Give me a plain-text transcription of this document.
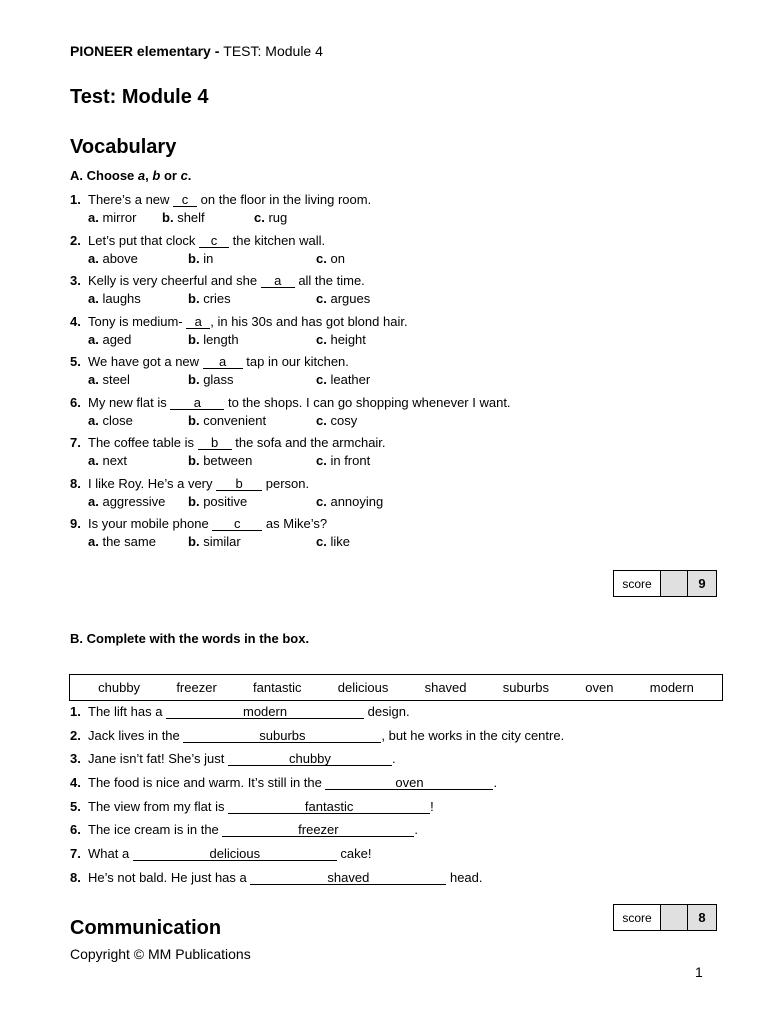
PIONEER elementary - TEST: Module 4
Test: Module 4
Vocabulary
A. Choose a, b or c.
1. There’s a new c on the floor in the living room.
a. mirror b. shelf	c. rug
2. Let’s put that clock c the kitchen wall.
a. above	b. in	c. on
3. Kelly is very cheerful and she a all the time.
a. laughs	b. cries	c. argues
4. Tony is medium- a , in his 30s and has got blond hair.
a. aged	b. length	c. height
5. We have got a new a tap in our kitchen.
a. steel	b. glass	c. leather
6. My new flat is a to the shops. I can go shopping whenever I want.
a. close	b. convenient	c. cosy
7. The coffee table is b the sofa and the armchair.
a. next	b. between	c. in front
8. I like Roy. He’s a very b person.
a. aggressive b. positive	c. annoying
9. Is your mobile phone c as Mike’s?
a. the same b. similar	c. like
score	9
B. Complete with the words in the box.
chubby	freezer	fantastic	delicious	shaved	suburbs	oven	modern
1. The lift has a	modern	design.
2. Jack lives in the	suburbs	, but he works in the city centre.
3. Jane isn’t fat! She’s just	chubby	.
4. The food is nice and warm. It’s still in the	oven	.
5. The view from my flat is	fantastic	!
6. The ice cream is in the	freezer	.
7. What a	delicious	cake!
8. He’s not bald. He just has a	shaved	head.
score	8
Communication
Copyright © MM Publications
1
